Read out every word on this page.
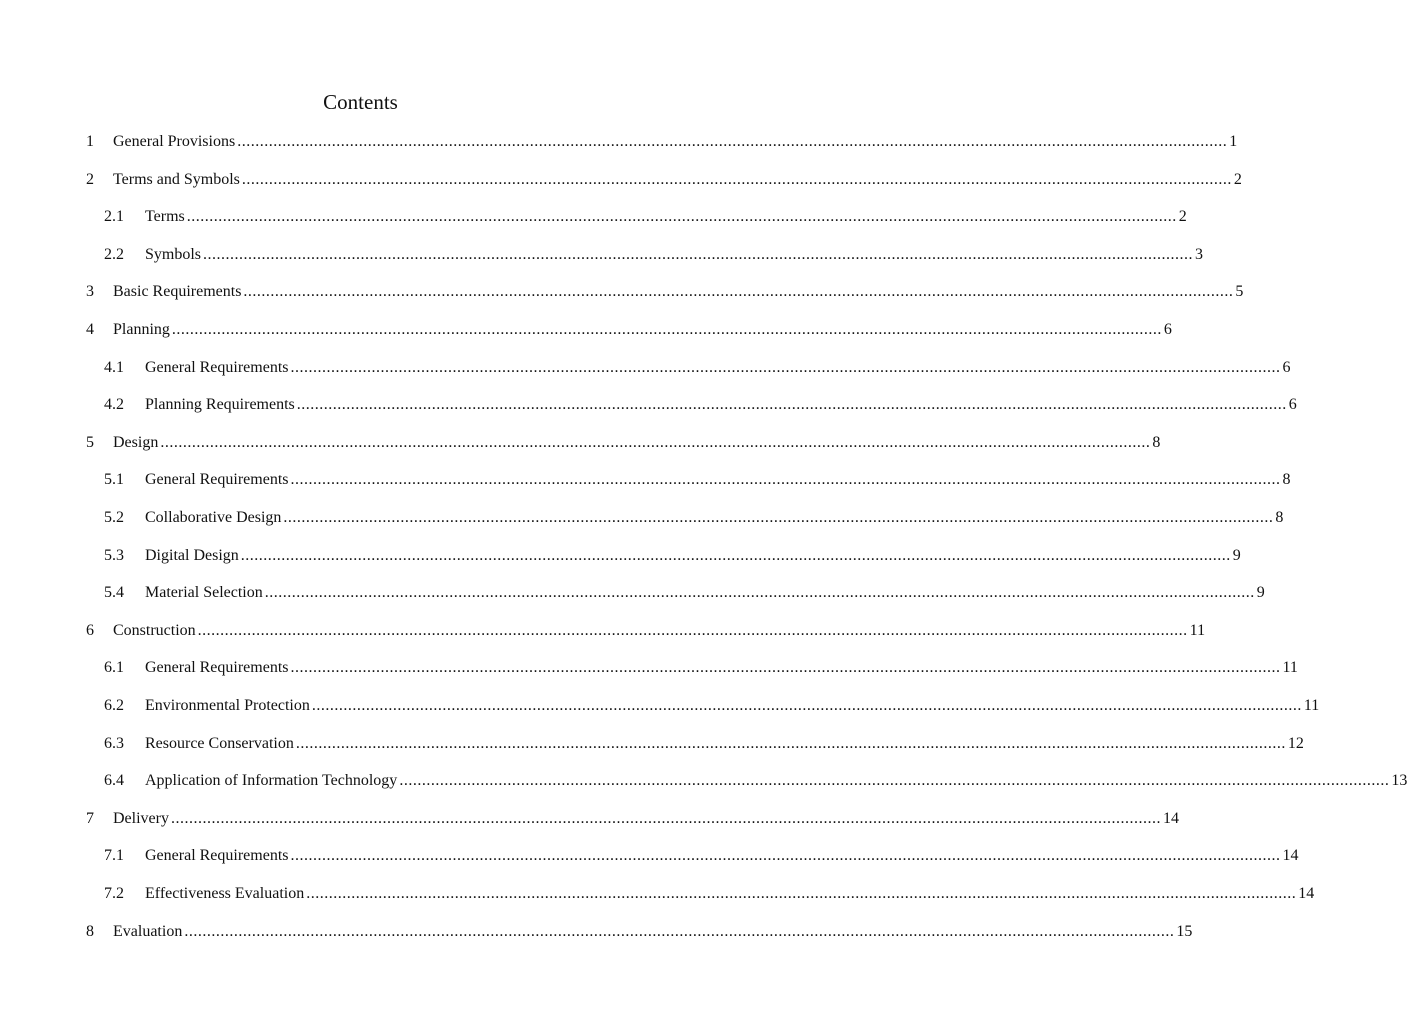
Contents
1 General Provisions ............................................................................................................................................................................................................................ 1
2 Terms and Symbols ............................................................................................................................................................................................................................ 2
2.1 Terms ............................................................................................................................................................................................................................ 2
2.2 Symbols ............................................................................................................................................................................................................................ 3
3 Basic Requirements ............................................................................................................................................................................................................................ 5
4 Planning ............................................................................................................................................................................................................................ 6
4.1 General Requirements ............................................................................................................................................................................................................................ 6
4.2 Planning Requirements ............................................................................................................................................................................................................................ 6
5 Design ............................................................................................................................................................................................................................ 8
5.1 General Requirements ............................................................................................................................................................................................................................ 8
5.2 Collaborative Design ............................................................................................................................................................................................................................ 8
5.3 Digital Design ............................................................................................................................................................................................................................ 9
5.4 Material Selection ............................................................................................................................................................................................................................ 9
6 Construction ............................................................................................................................................................................................................................ 11
6.1 General Requirements ............................................................................................................................................................................................................................ 11
6.2 Environmental Protection ............................................................................................................................................................................................................................ 11
6.3 Resource Conservation ............................................................................................................................................................................................................................ 12
6.4 Application of Information Technology ............................................................................................................................................................................................................................ 13
7 Delivery ............................................................................................................................................................................................................................ 14
7.1 General Requirements ............................................................................................................................................................................................................................ 14
7.2 Effectiveness Evaluation ............................................................................................................................................................................................................................ 14
8 Evaluation ............................................................................................................................................................................................................................ 15
